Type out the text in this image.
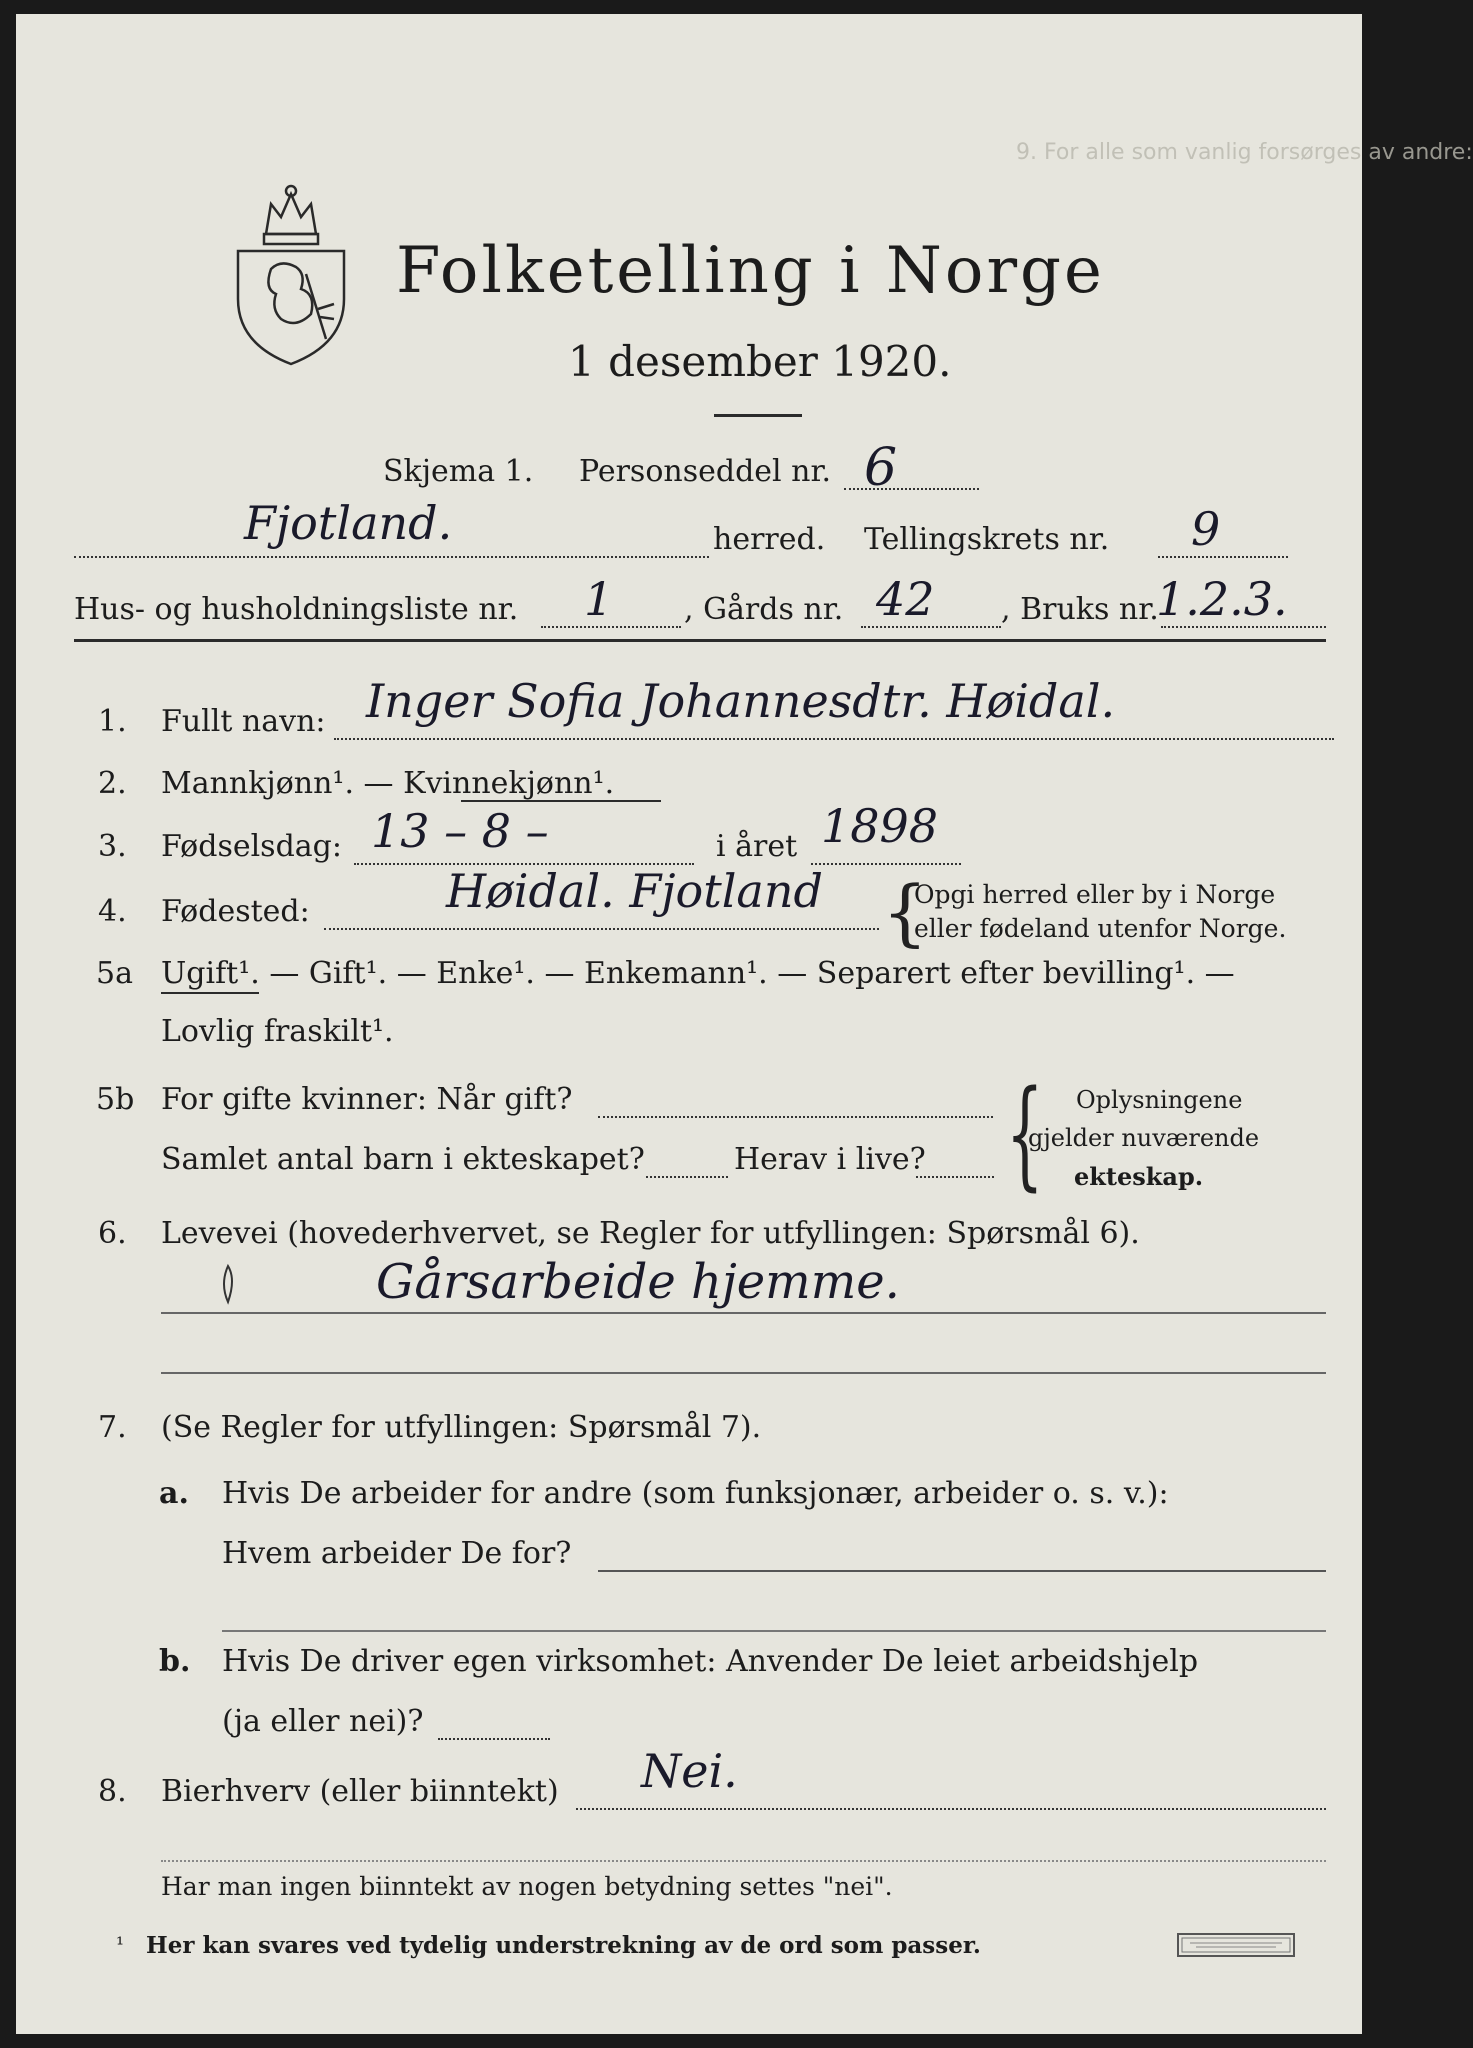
9. For alle som vanlig forsørges av andre:
Folketelling i Norge
1 desember 1920.
Skjema 1. Personseddel nr. 6
Fjotland.	herred. Tellingskrets nr. 9
Hus- og husholdningsliste nr. 1 , Gårds nr. 42 , Bruks nr.
1.2.3.
1. Fullt navn: Inger Sofia Johannesdtr. Høidal.
2. Mannkjønn¹. — Kvinnekjønn¹.
3. Fødselsdag: 13 – 8 –	i året 1898
4. Fødested:	Høidal. Fjotland {
Opgi herred eller by i Norge
eller fødeland utenfor Norge.
5a Ugift¹. — Gift¹. — Enke¹. — Enkemann¹. — Separert efter bevilling¹. —
Lovlig fraskilt¹.
5b For gifte kvinner: Når gift?
Samlet antal barn i ekteskapet?	Herav i live? { Oplysningene
gjelder nuværende
ekteskap.
6. Levevei (hovederhvervet, se Regler for utfyllingen: Spørsmål 6).
Gårsarbeide hjemme.
7. (Se Regler for utfyllingen: Spørsmål 7).
a. Hvis De arbeider for andre (som funksjonær, arbeider o. s. v.):
Hvem arbeider De for?
b. Hvis De driver egen virksomhet: Anvender De leiet arbeidshjelp
(ja eller nei)?
8. Bierhverv (eller biinntekt) Nei.
Har man ingen biinntekt av nogen betydning settes "nei".
¹ Her kan svares ved tydelig understrekning av de ord som passer.
